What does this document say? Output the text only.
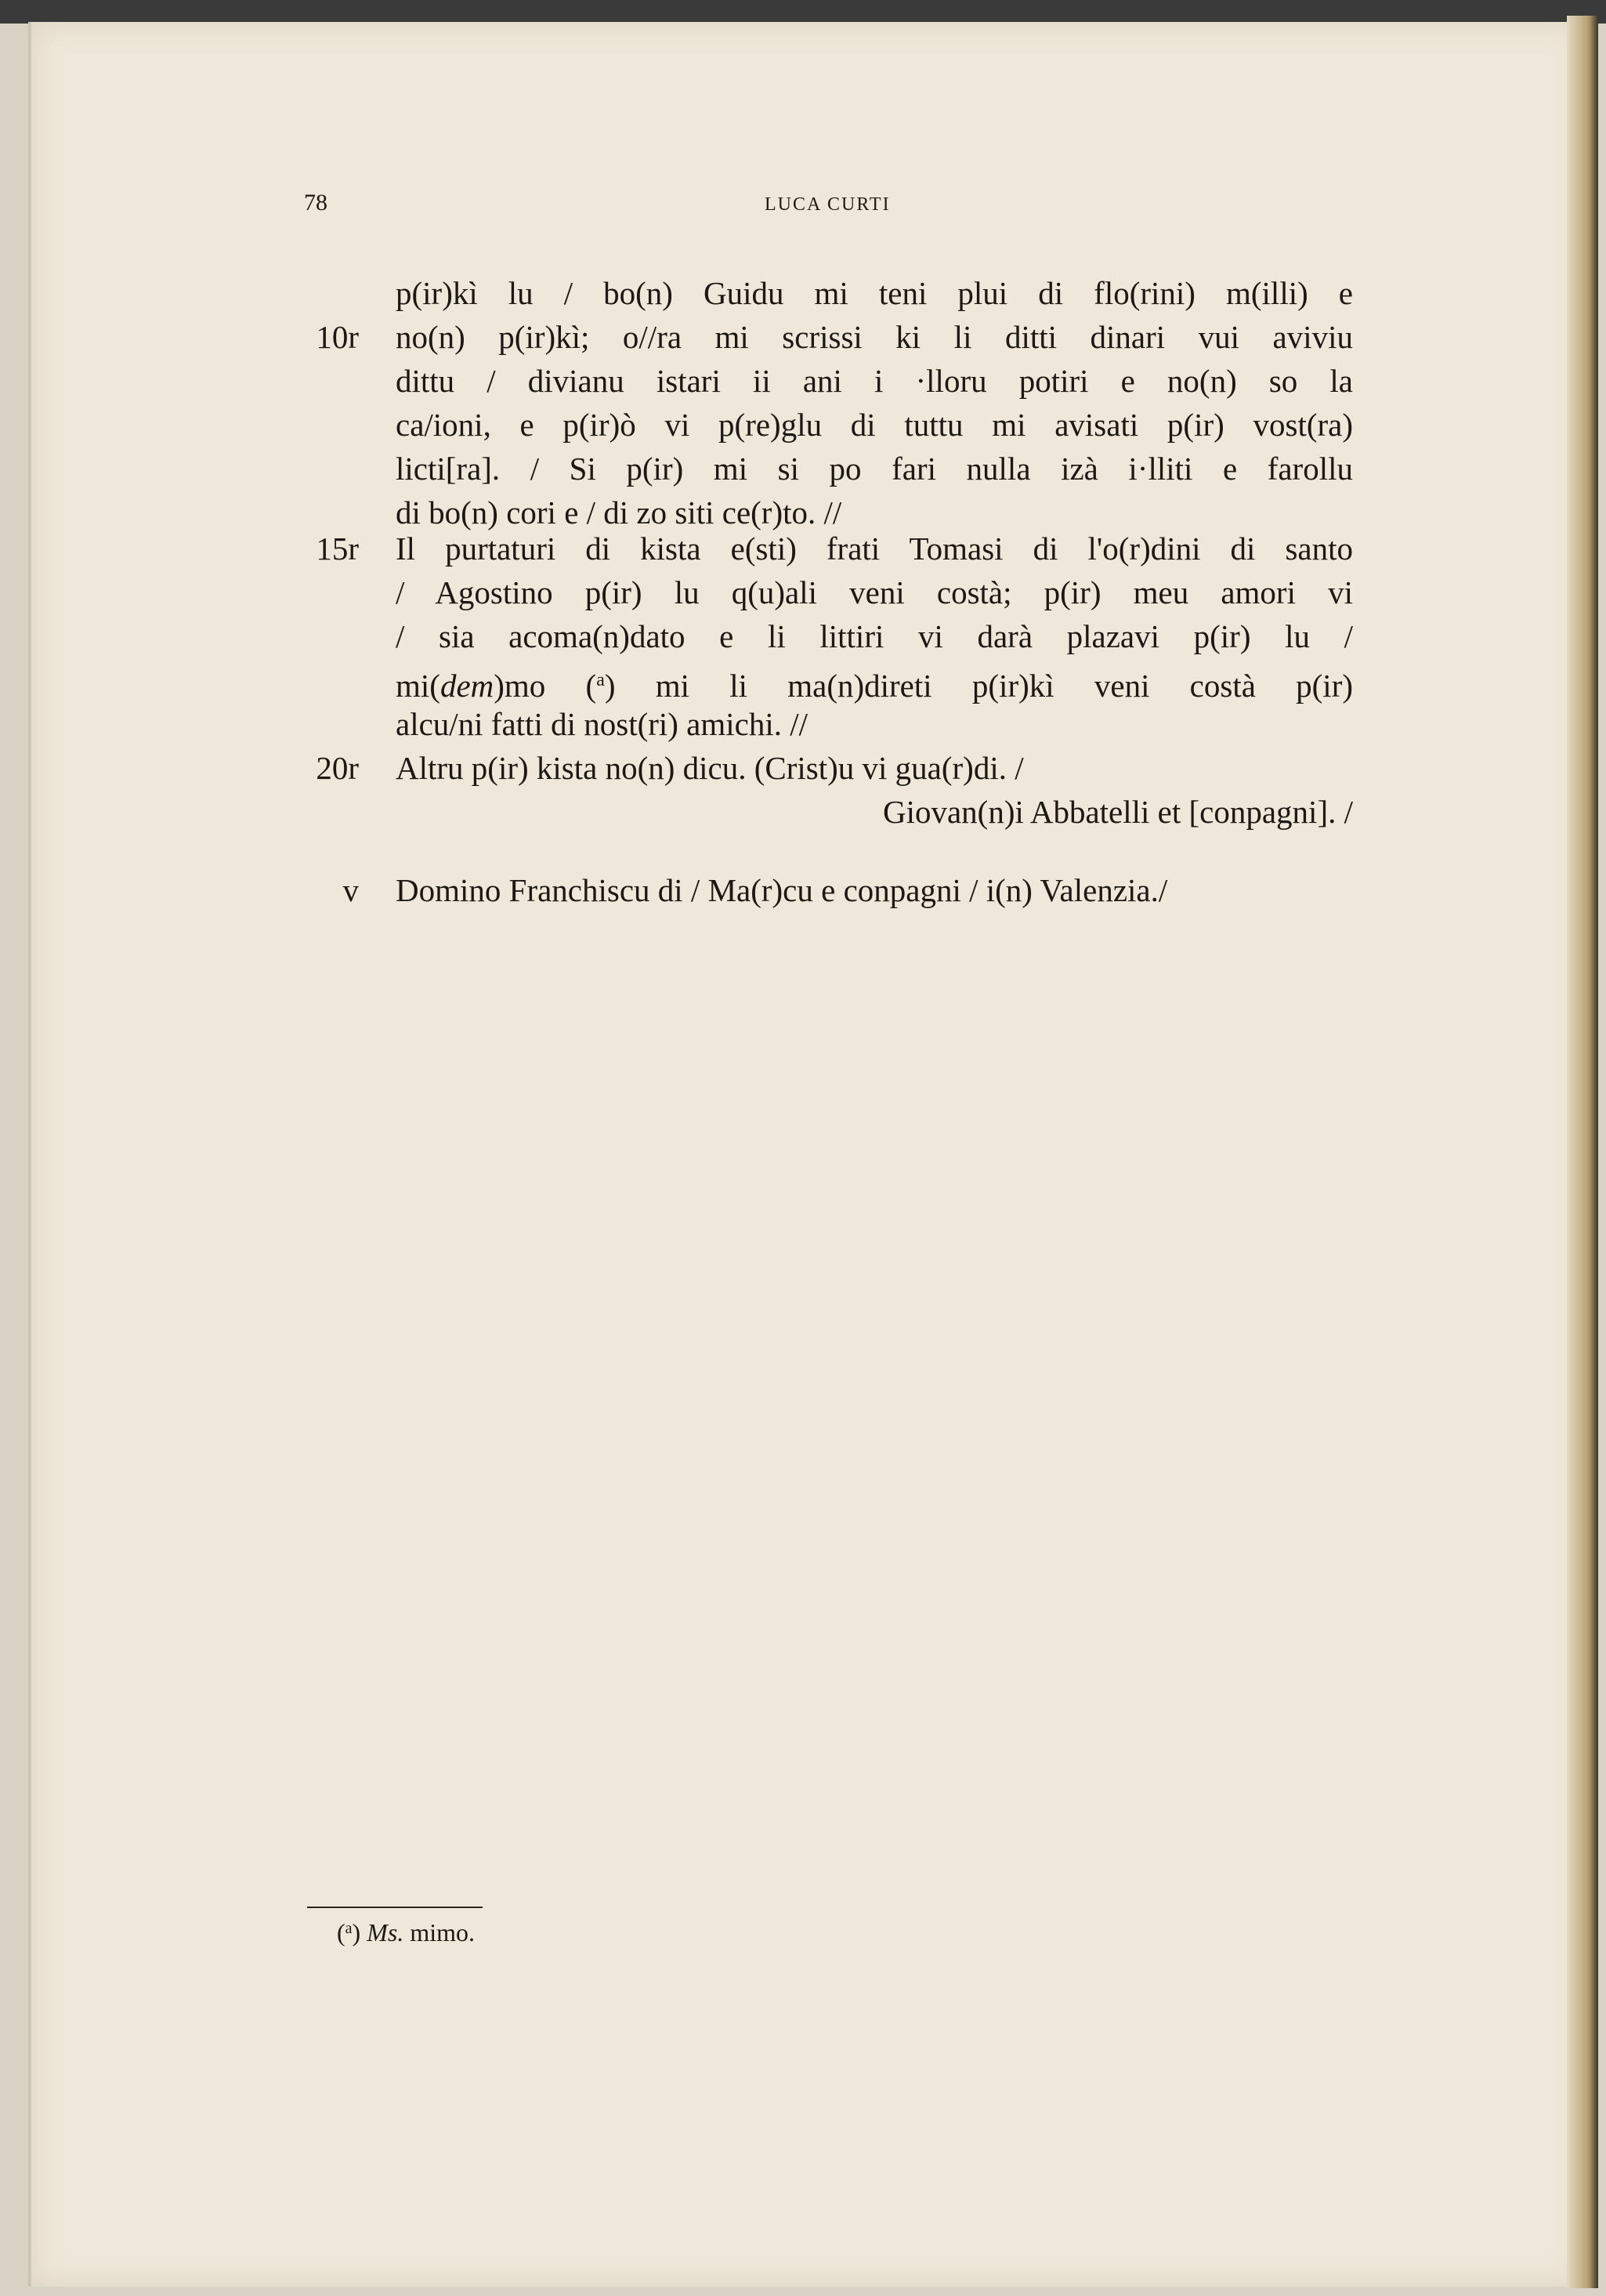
78	LUCA CURTI
p(ir)kì lu / bo(n) Guidu mi teni plui di flo(rini) m(illi) e
10r no(n) p(ir)kì; o//ra mi scrissi ki li ditti dinari vui aviviu
dittu / divianu istari ii ani i ·lloru potiri e no(n) so la
ca/ioni, e p(ir)ò vi p(re)glu di tuttu mi avisati p(ir) vost(ra)
licti[ra]. / Si p(ir) mi si po fari nulla izà i·lliti e farollu
di bo(n) cori e / di zo siti ce(r)to. //
15r Il purtaturi di kista e(sti) frati Tomasi di l'o(r)dini di santo
/ Agostino p(ir) lu q(u)ali veni costà; p(ir) meu amori vi
/ sia acoma(n)dato e li littiri vi darà plazavi p(ir) lu /
mi(dem)mo ($^a$) mi li ma(n)direti p(ir)kì veni costà p(ir)
alcu/ni fatti di nost(ri) amichi. //
20r Altru p(ir) kista no(n) dicu. (Crist)u vi gua(r)di. /
Giovan(n)i Abbatelli et [conpagni]. /
v Domino Franchiscu di / Ma(r)cu e conpagni / i(n) Valenzia./
($^a$) Ms. mimo.
